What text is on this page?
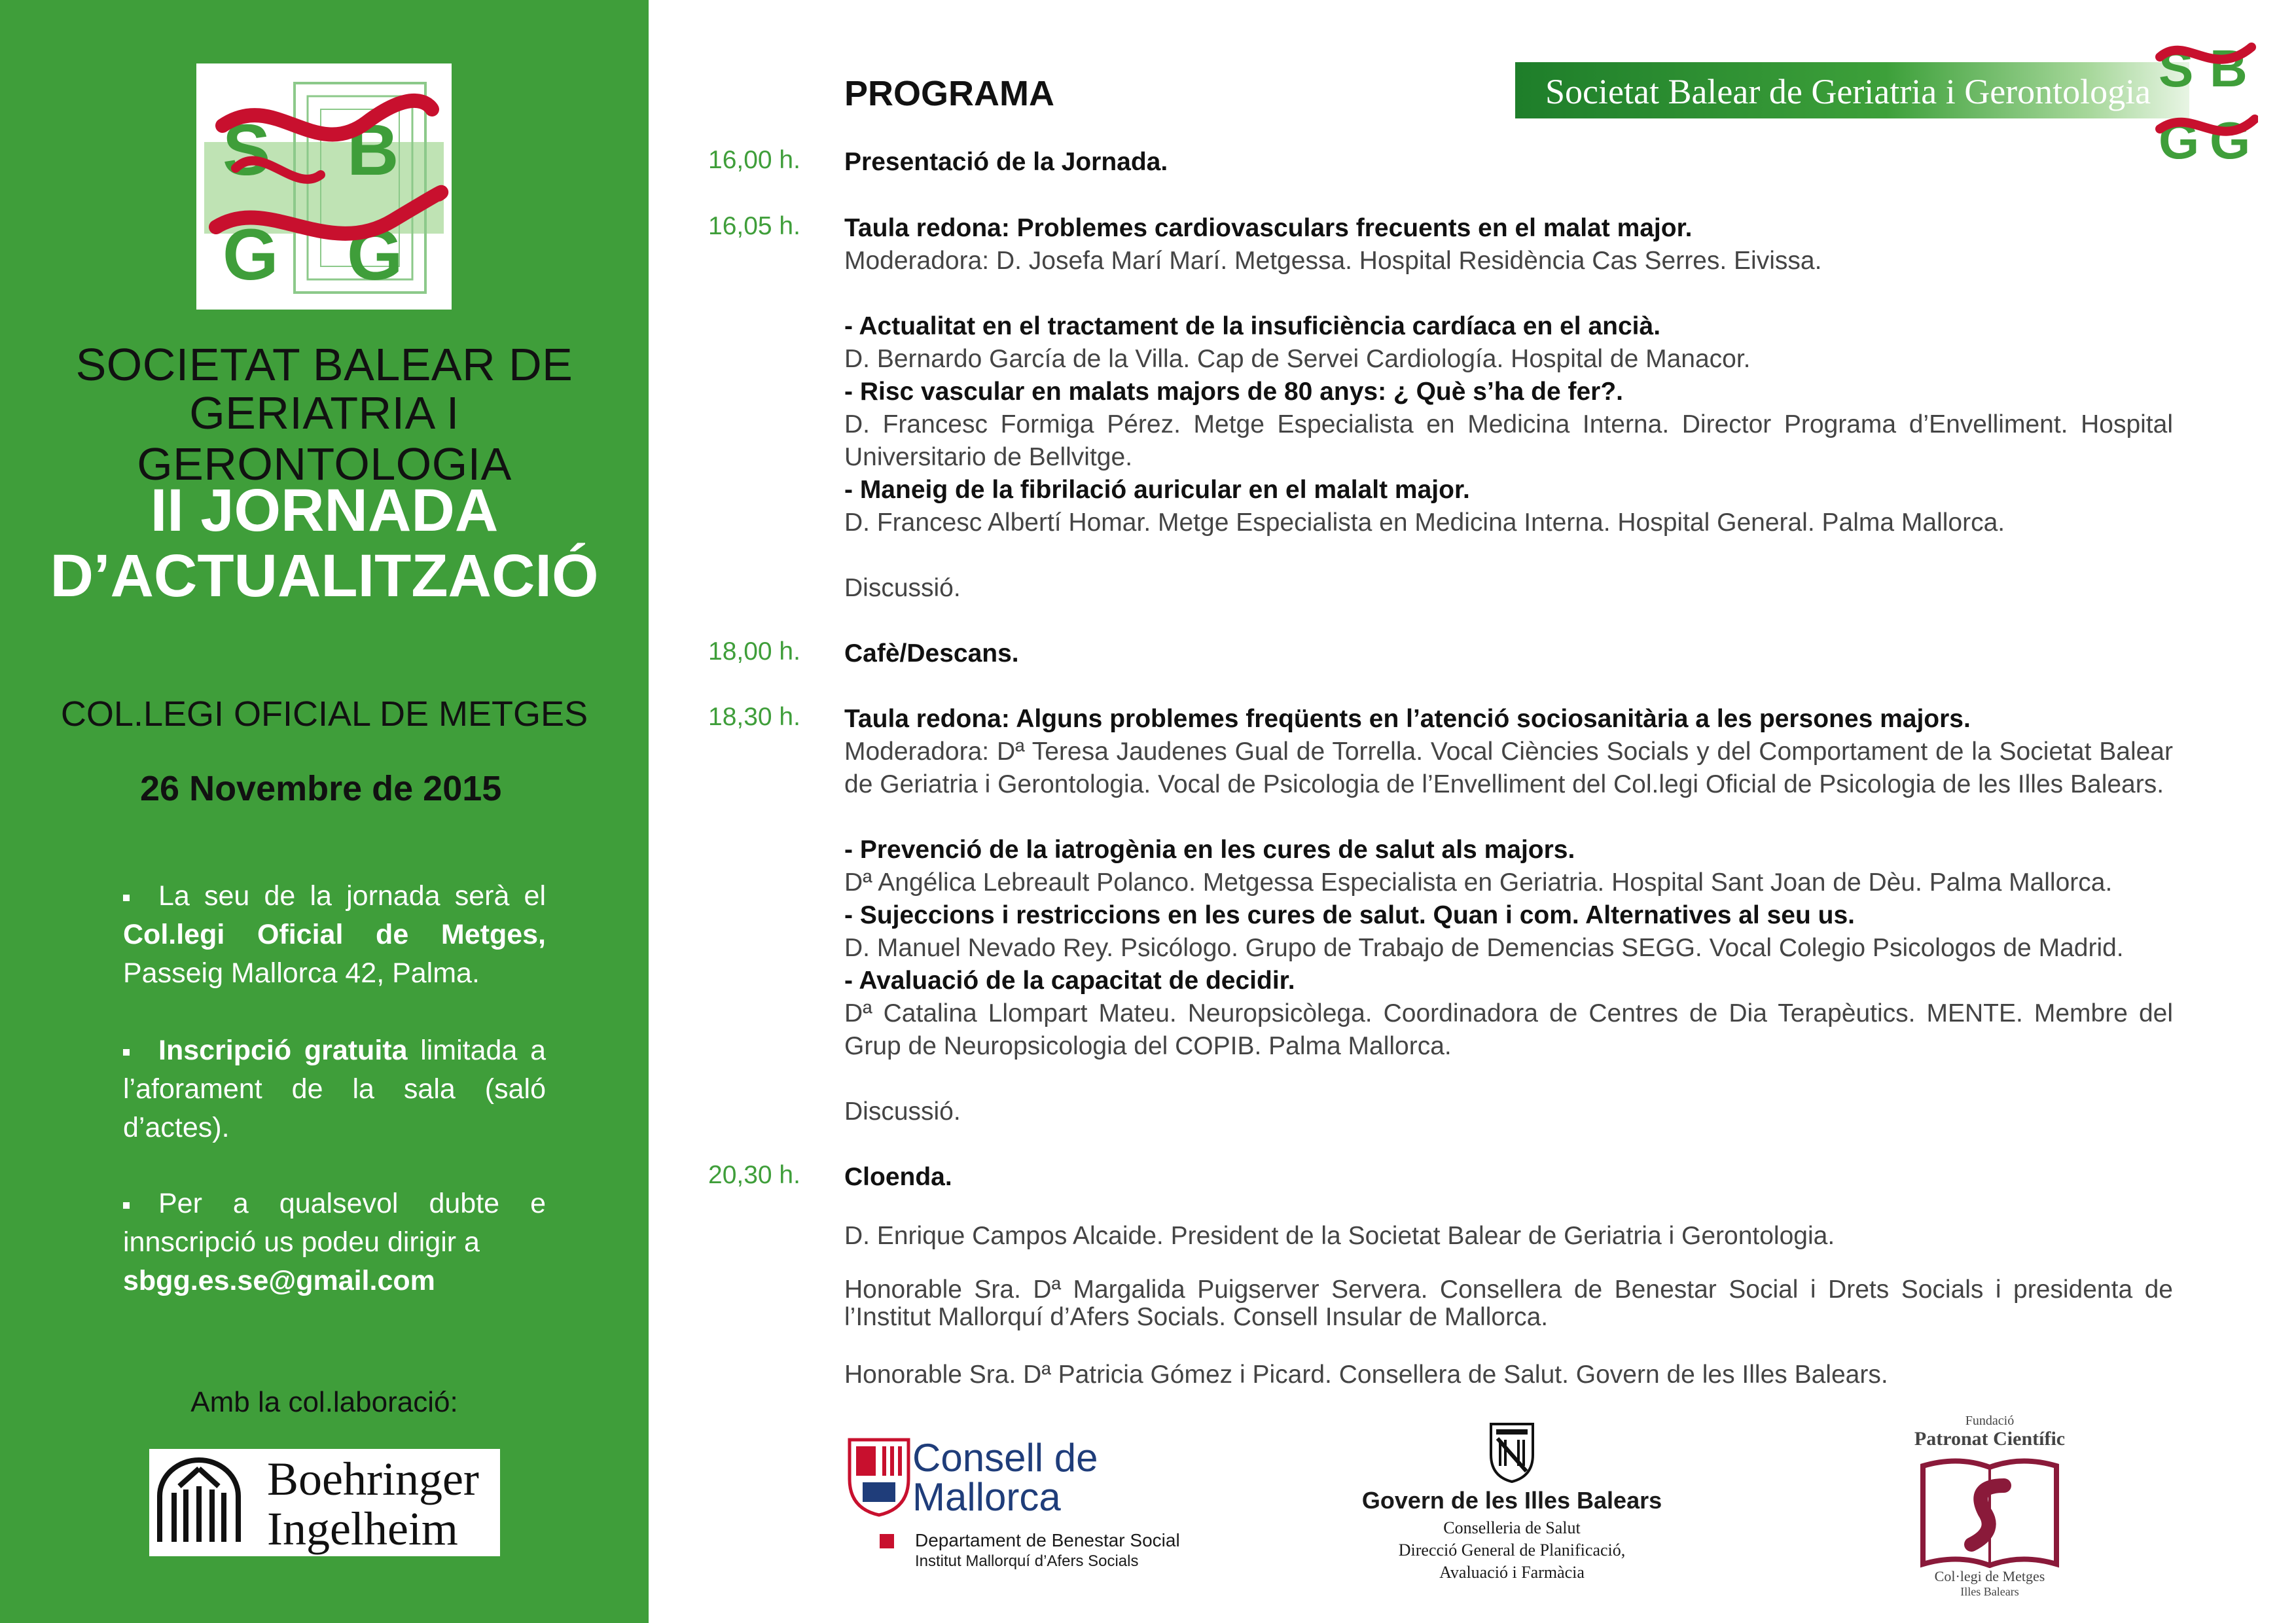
S B
G G
SOCIETAT BALEAR DE
GERIATRIA I GERONTOLOGIA
II JORNADA
D’ACTUALITZACIÓ
COL.LEGI OFICIAL DE METGES
26 Novembre de 2015
La seu de la jornada serà el Col.legi Oficial de Metges, Passeig Mallorca 42, Palma.
Inscripció gratuita limitada a l’aforament de la sala (saló d’actes).
Per a qualsevol dubte e innscripció us podeu dirigir a
sbgg.es.se@gmail.com
Amb la col.laboració:
Boehringer
Ingelheim
Societat Balear de Geriatria i Gerontologia S B
G G
PROGRAMA
16,00 h. Presentació de la Jornada.
16,05 h. Taula redona: Problemes cardiovasculars frecuents en el malat major.
Moderadora: D. Josefa Marí Marí. Metgessa. Hospital Residència Cas Serres. Eivissa.
- Actualitat en el tractament de la insuficiència cardíaca en el ancià.
D. Bernardo García de la Villa. Cap de Servei Cardiología. Hospital de Manacor.
- Risc vascular en malats majors de 80 anys: ¿ Què s’ha de fer?.
D. Francesc Formiga Pérez. Metge Especialista en Medicina Interna. Director Programa d’Envelliment. Hospital Universitario de Bellvitge.
- Maneig de la fibrilació auricular en el malalt major.
D. Francesc Albertí Homar. Metge Especialista en Medicina Interna. Hospital General. Palma Mallorca.
Discussió.
18,00 h. Cafè/Descans.
18,30 h. Taula redona: Alguns problemes freqüents en l’atenció sociosanitària a les persones majors.
Moderadora: Dª Teresa Jaudenes Gual de Torrella. Vocal Ciències Socials y del Comportament de la Societat Balear de Geriatria i Gerontologia. Vocal de Psicologia de l’Envelliment del Col.legi Oficial de Psicologia de les Illes Balears.
- Prevenció de la iatrogènia en les cures de salut als majors.
Dª Angélica Lebreault Polanco. Metgessa Especialista en Geriatria. Hospital Sant Joan de Dèu. Palma Mallorca.
- Sujeccions i restriccions en les cures de salut. Quan i com. Alternatives al seu us.
D. Manuel Nevado Rey. Psicólogo. Grupo de Trabajo de Demencias SEGG. Vocal Colegio Psicologos de Madrid.
- Avaluació de la capacitat de decidir.
Dª Catalina Llompart Mateu. Neuropsicòlega. Coordinadora de Centres de Dia Terapèutics. MENTE. Membre del Grup de Neuropsicologia del COPIB. Palma Mallorca.
Discussió.
20,30 h. Cloenda.
D. Enrique Campos Alcaide. President de la Societat Balear de Geriatria i Gerontologia.
Honorable Sra. Dª Margalida Puigserver Servera. Consellera de Benestar Social i Drets Socials i presidenta de l’Institut Mallorquí d’Afers Socials. Consell Insular de Mallorca.
Honorable Sra. Dª Patricia Gómez i Picard. Consellera de Salut. Govern de les Illes Balears.
Consell de
Mallorca
Departament de Benestar Social
Institut Mallorquí d’Afers Socials
Govern de les Illes Balears
Conselleria de Salut
Direcció General de Planificació,
Avaluació i Farmàcia
Fundació
Patronat Científic
Col·legi de Metges
Illes Balears
